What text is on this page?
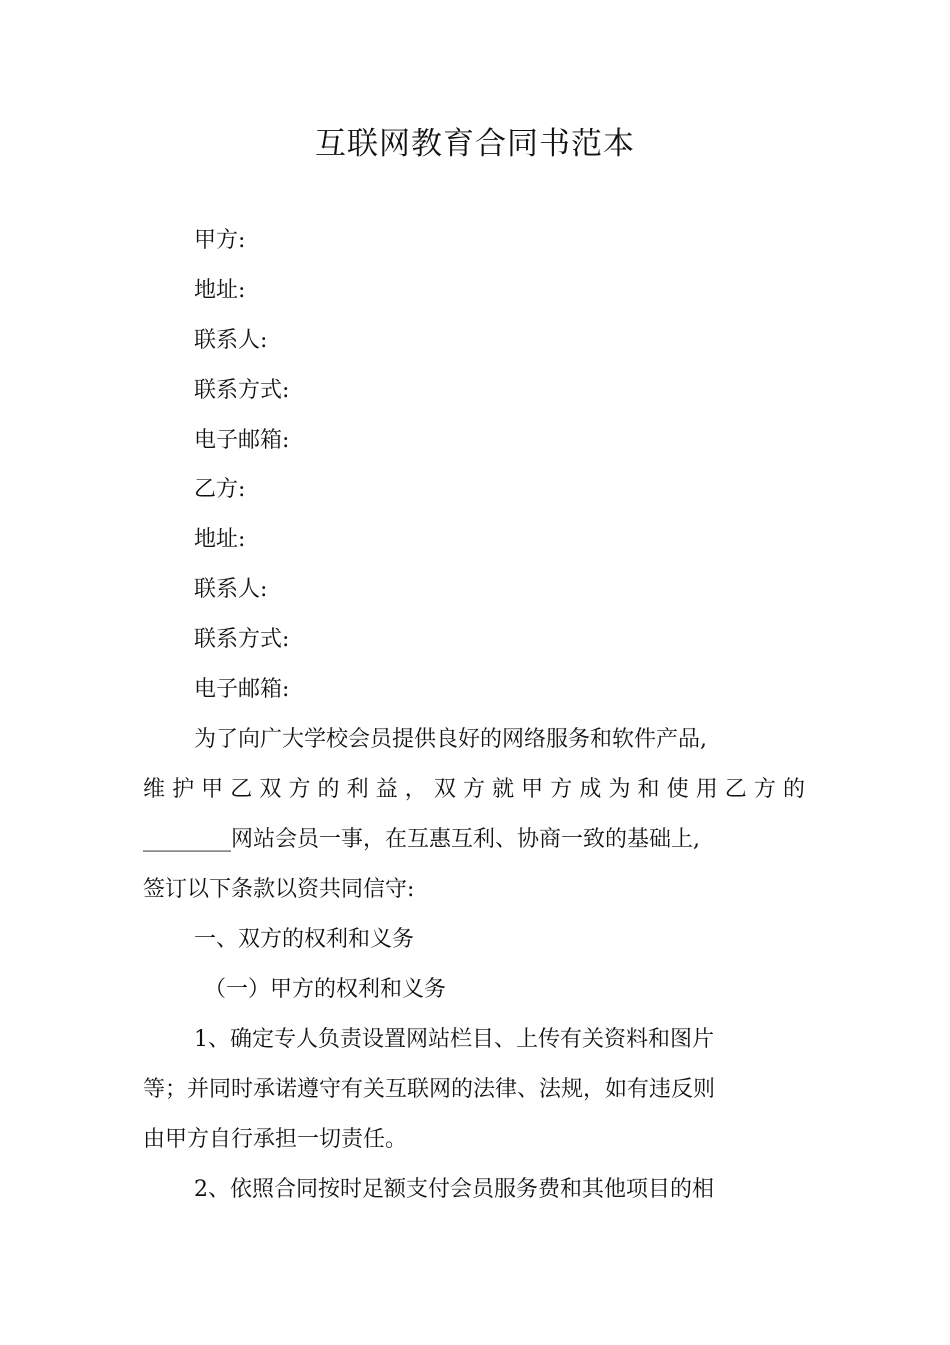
互联网教育合同书范本
甲方:
地址:
联系人:
联系方式:
电子邮箱:
乙方:
地址:
联系人:
联系方式:
电子邮箱:
为了向广大学校会员提供良好的网络服务和软件产品,
维护甲乙双方的利益，双方就甲方成为和使用乙方的
________网站会员一事，在互惠互利、协商一致的基础上,
签订以下条款以资共同信守:
一、双方的权利和义务
（一）甲方的权利和义务
1、确定专人负责设置网站栏目、上传有关资料和图片
等；并同时承诺遵守有关互联网的法律、法规，如有违反则
由甲方自行承担一切责任。
2、依照合同按时足额支付会员服务费和其他项目的相
